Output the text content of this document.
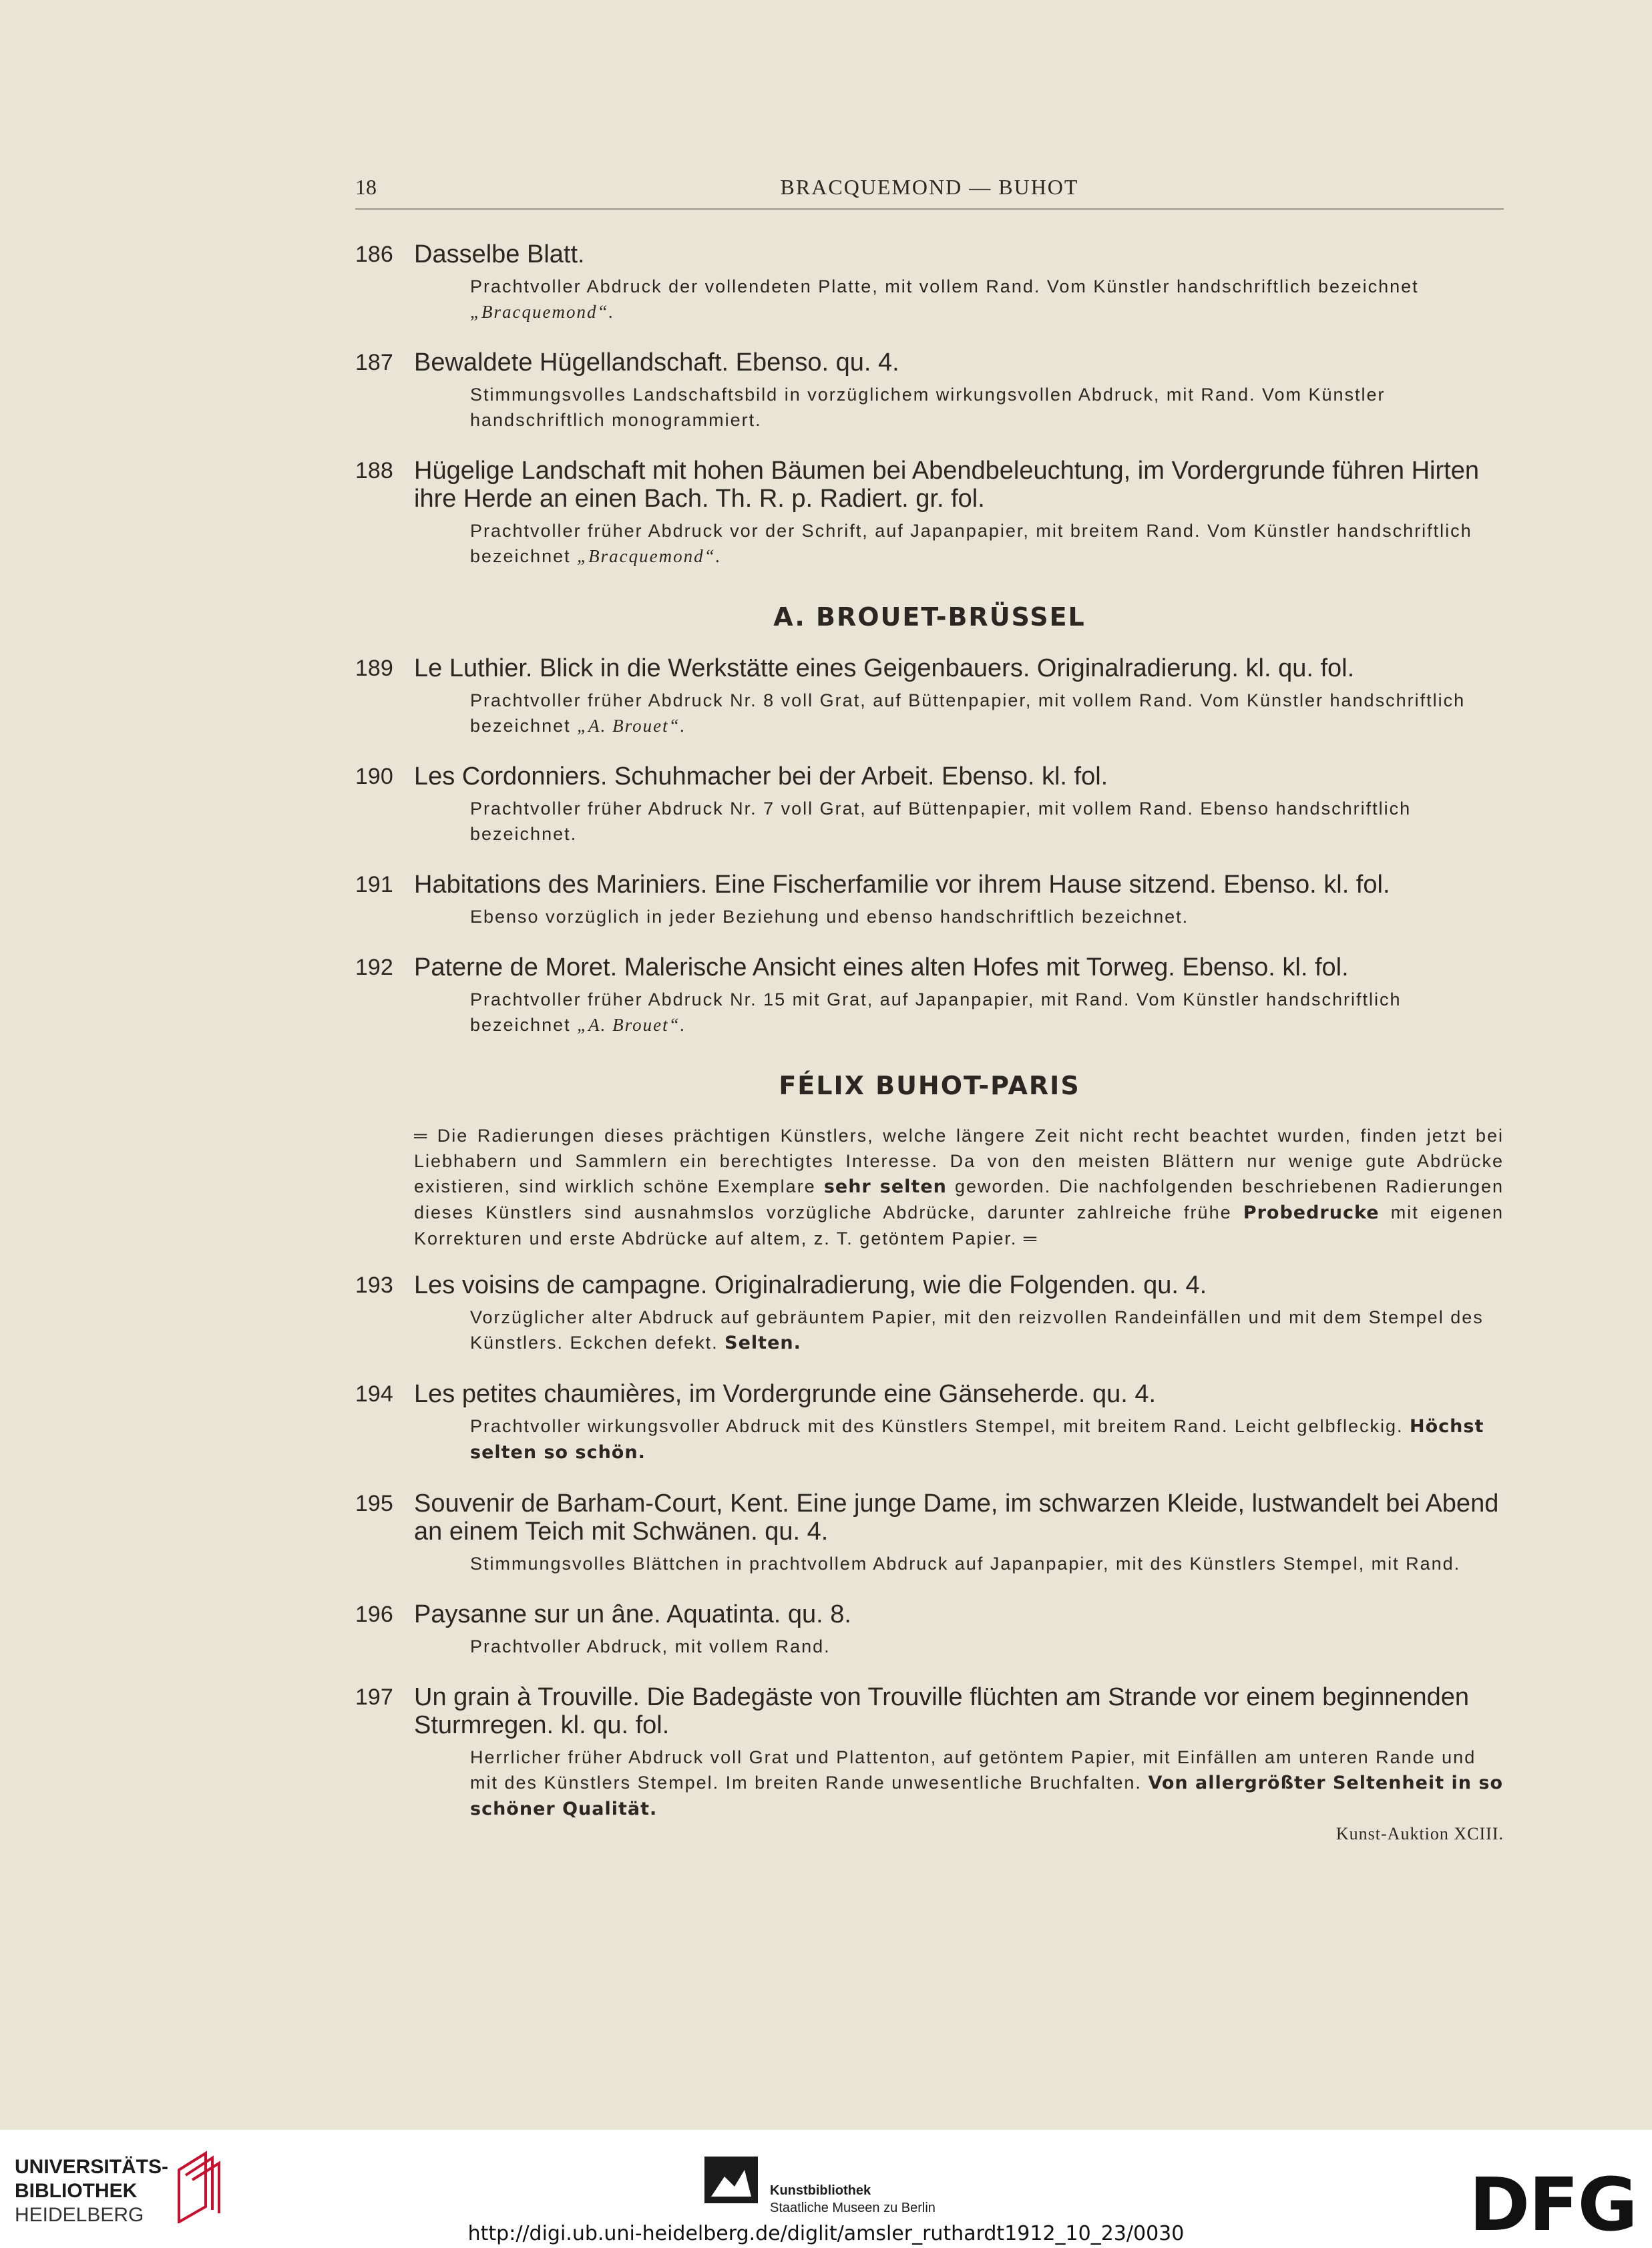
18	BRACQUEMOND — BUHOT
186 Dasselbe Blatt.
Prachtvoller Abdruck der vollendeten Platte, mit vollem Rand. Vom Künstler handschriftlich bezeichnet „Bracquemond“.
187 Bewaldete Hügellandschaft. Ebenso. qu. 4.
Stimmungsvolles Landschaftsbild in vorzüglichem wirkungsvollen Abdruck, mit Rand. Vom Künstler handschriftlich monogrammiert.
188 Hügelige Landschaft mit hohen Bäumen bei Abendbeleuchtung, im Vordergrunde führen Hirten ihre Herde an einen Bach. Th. R. p. Radiert. gr. fol.
Prachtvoller früher Abdruck vor der Schrift, auf Japanpapier, mit breitem Rand. Vom Künstler handschriftlich bezeichnet „Bracquemond“.
A. BROUET-BRÜSSEL
189 Le Luthier. Blick in die Werkstätte eines Geigenbauers. Originalradierung. kl. qu. fol.
Prachtvoller früher Abdruck Nr. 8 voll Grat, auf Büttenpapier, mit vollem Rand. Vom Künstler handschriftlich bezeichnet „A. Brouet“.
190 Les Cordonniers. Schuhmacher bei der Arbeit. Ebenso. kl. fol.
Prachtvoller früher Abdruck Nr. 7 voll Grat, auf Büttenpapier, mit vollem Rand. Ebenso handschriftlich bezeichnet.
191 Habitations des Mariniers. Eine Fischerfamilie vor ihrem Hause sitzend. Ebenso. kl. fol.
Ebenso vorzüglich in jeder Beziehung und ebenso handschriftlich bezeichnet.
192 Paterne de Moret. Malerische Ansicht eines alten Hofes mit Torweg. Ebenso. kl. fol.
Prachtvoller früher Abdruck Nr. 15 mit Grat, auf Japanpapier, mit Rand. Vom Künstler handschriftlich bezeichnet „A. Brouet“.
FÉLIX BUHOT-PARIS
═ Die Radierungen dieses prächtigen Künstlers, welche längere Zeit nicht recht beachtet wurden, finden jetzt bei Liebhabern und Sammlern ein berechtigtes Interesse. Da von den meisten Blättern nur wenige gute Abdrücke existieren, sind wirklich schöne Exemplare sehr selten geworden. Die nachfolgenden beschriebenen Radierungen dieses Künstlers sind ausnahmslos vorzügliche Abdrücke, darunter zahlreiche frühe Probedrucke mit eigenen Korrekturen und erste Abdrücke auf altem, z. T. getöntem Papier. ═
193 Les voisins de campagne. Originalradierung, wie die Folgenden. qu. 4.
Vorzüglicher alter Abdruck auf gebräuntem Papier, mit den reizvollen Randeinfällen und mit dem Stempel des Künstlers. Eckchen defekt. Selten.
194 Les petites chaumières, im Vordergrunde eine Gänseherde. qu. 4.
Prachtvoller wirkungsvoller Abdruck mit des Künstlers Stempel, mit breitem Rand. Leicht gelbfleckig. Höchst selten so schön.
195 Souvenir de Barham-Court, Kent. Eine junge Dame, im schwarzen Kleide, lustwandelt bei Abend an einem Teich mit Schwänen. qu. 4.
Stimmungsvolles Blättchen in prachtvollem Abdruck auf Japanpapier, mit des Künstlers Stempel, mit Rand.
196 Paysanne sur un âne. Aquatinta. qu. 8.
Prachtvoller Abdruck, mit vollem Rand.
197 Un grain à Trouville. Die Badegäste von Trouville flüchten am Strande vor einem beginnenden Sturmregen. kl. qu. fol.
Herrlicher früher Abdruck voll Grat und Plattenton, auf getöntem Papier, mit Einfällen am unteren Rande und mit des Künstlers Stempel. Im breiten Rande unwesentliche Bruchfalten. Von allergrößter Seltenheit in so schöner Qualität.
Kunst-Auktion XCIII.
UNIVERSITÄTS-
BIBLIOTHEK
HEIDELBERG
Kunstbibliothek
Staatliche Museen zu Berlin	DFG
http://digi.ub.uni-heidelberg.de/diglit/amsler_ruthardt1912_10_23/0030
